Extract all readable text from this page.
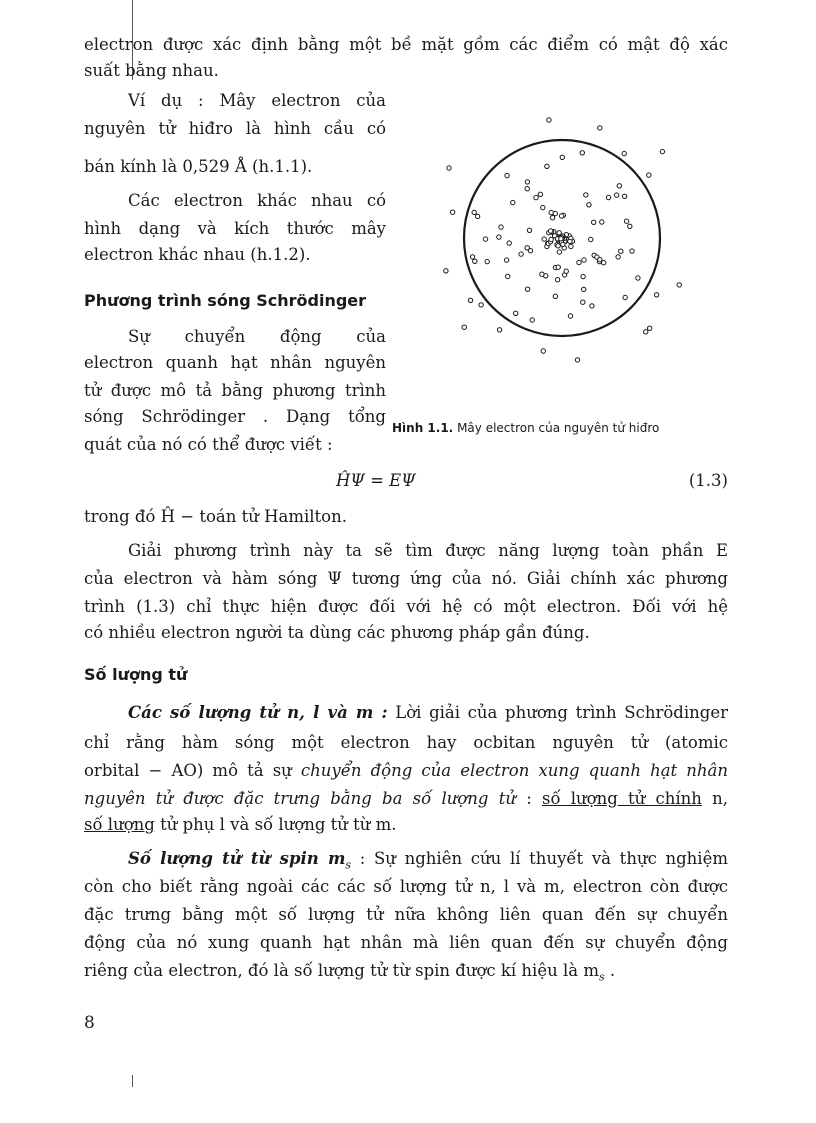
electron được xác định bằng một bề mặt gồm các điểm có mật độ xác
suất bằng nhau.
Ví dụ : Mây electron của
nguyên tử hiđro là hình cầu có
bán kính là 0,529 Å (h.1.1).
Các electron khác nhau có
hình dạng và kích thước mây
electron khác nhau (h.1.2).
Phương trình sóng Schrödinger
Sự chuyển động của
electron quanh hạt nhân nguyên
tử được mô tả bằng phương trình
sóng Schrödinger . Dạng tổng
quát của nó có thể được viết :
Hình 1.1. Mây electron của nguyên tử hiđro
ĤΨ = EΨ	(1.3)
trong đó Ĥ − toán tử Hamilton.
Giải phương trình này ta sẽ tìm được năng lượng toàn phần E
của electron và hàm sóng Ψ tương ứng của nó. Giải chính xác phương
trình (1.3) chỉ thực hiện được đối với hệ có một electron. Đối với hệ
có nhiều electron người ta dùng các phương pháp gần đúng.
Số lượng tử
Các số lượng tử n, l và m : Lời giải của phương trình Schrödinger
chỉ rằng hàm sóng một electron hay ocbitan nguyên tử (atomic
orbital − AO) mô tả sự chuyển động của electron xung quanh hạt nhân
nguyên tử được đặc trưng bằng ba số lượng tử : số lượng tử chính n,
số lượng tử phụ l và số lượng tử từ m.
Số lượng tử từ spin $m_s$ : Sự nghiên cứu lí thuyết và thực nghiệm
còn cho biết rằng ngoài các các số lượng tử n, l và m, electron còn được
đặc trưng bằng một số lượng tử nữa không liên quan đến sự chuyển
động của nó xung quanh hạt nhân mà liên quan đến sự chuyển động
riêng của electron, đó là số lượng tử từ spin được kí hiệu là $m_s$ .
8
